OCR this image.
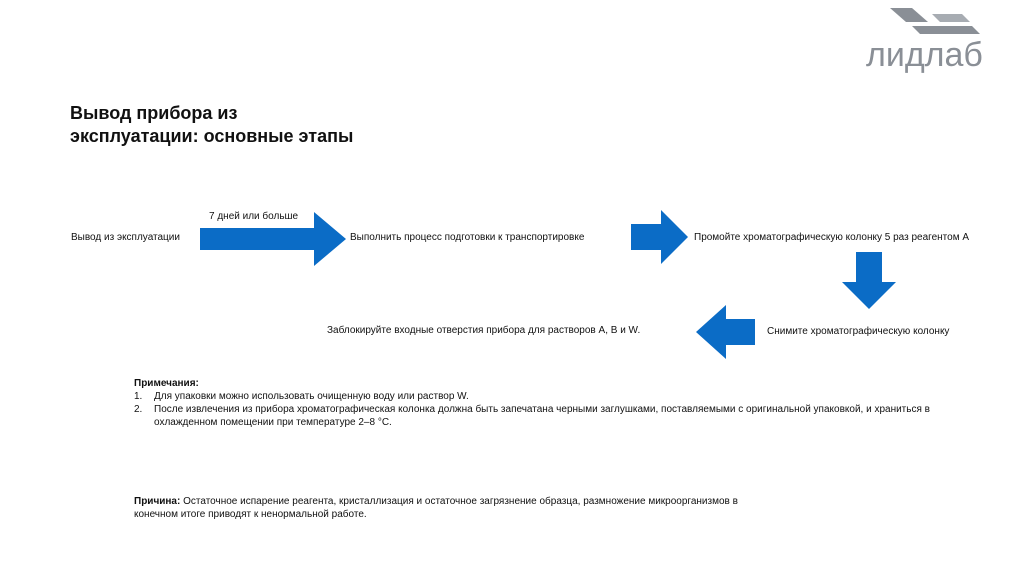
лидлаб
Вывод прибора из
эксплуатации: основные этапы
Вывод из эксплуатации
7 дней или больше
Выполнить процесс подготовки к транспортировке	Промойте хроматографическую колонку 5 раз реагентом A
Снимите хроматографическую колонку
Заблокируйте входные отверстия прибора для растворов A, B и W.
Примечания:
1.	Для упаковки можно использовать очищенную воду или раствор W.
2.	После извлечения из прибора хроматографическая колонка должна быть запечатана черными заглушками, поставляемыми с оригинальной упаковкой, и храниться в охлажденном помещении при температуре 2–8 °C.
Причина: Остаточное испарение реагента, кристаллизация и остаточное загрязнение образца, размножение микроорганизмов в конечном итоге приводят к ненормальной работе.
